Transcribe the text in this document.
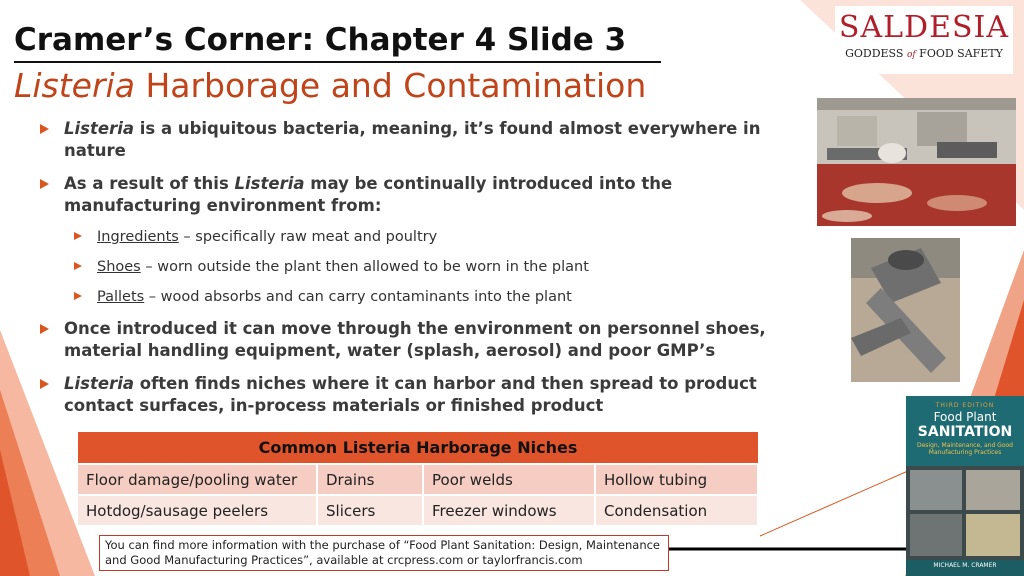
Cramer’s Corner: Chapter 4 Slide 3
Listeria Harborage and Contamination
SALDESIA
GODDESS of FOOD SAFETY
THIRD EDITION
Food Plant
SANITATION
Design, Maintenance, and Good Manufacturing Practices
MICHAEL M. CRAMER
Listeria is a ubiquitous bacteria, meaning, it’s found almost everywhere in nature
As a result of this Listeria may be continually introduced into the manufacturing environment from:
Ingredients – specifically raw meat and poultry
Shoes – worn outside the plant then allowed to be worn in the plant
Pallets – wood absorbs and can carry contaminants into the plant
Once introduced it can move through the environment on personnel shoes, material handling equipment, water (splash, aerosol) and poor GMP’s
Listeria often finds niches where it can harbor and then spread to product contact surfaces, in-process materials or finished product
Common Listeria Harborage Niches			
Floor damage/pooling water	Drains	Poor welds	Hollow tubing
Hotdog/sausage peelers	Slicers	Freezer windows	Condensation
You can find more information with the purchase of “Food Plant Sanitation: Design, Maintenance and Good Manufacturing Practices”, available at crcpress.com or taylorfrancis.com
